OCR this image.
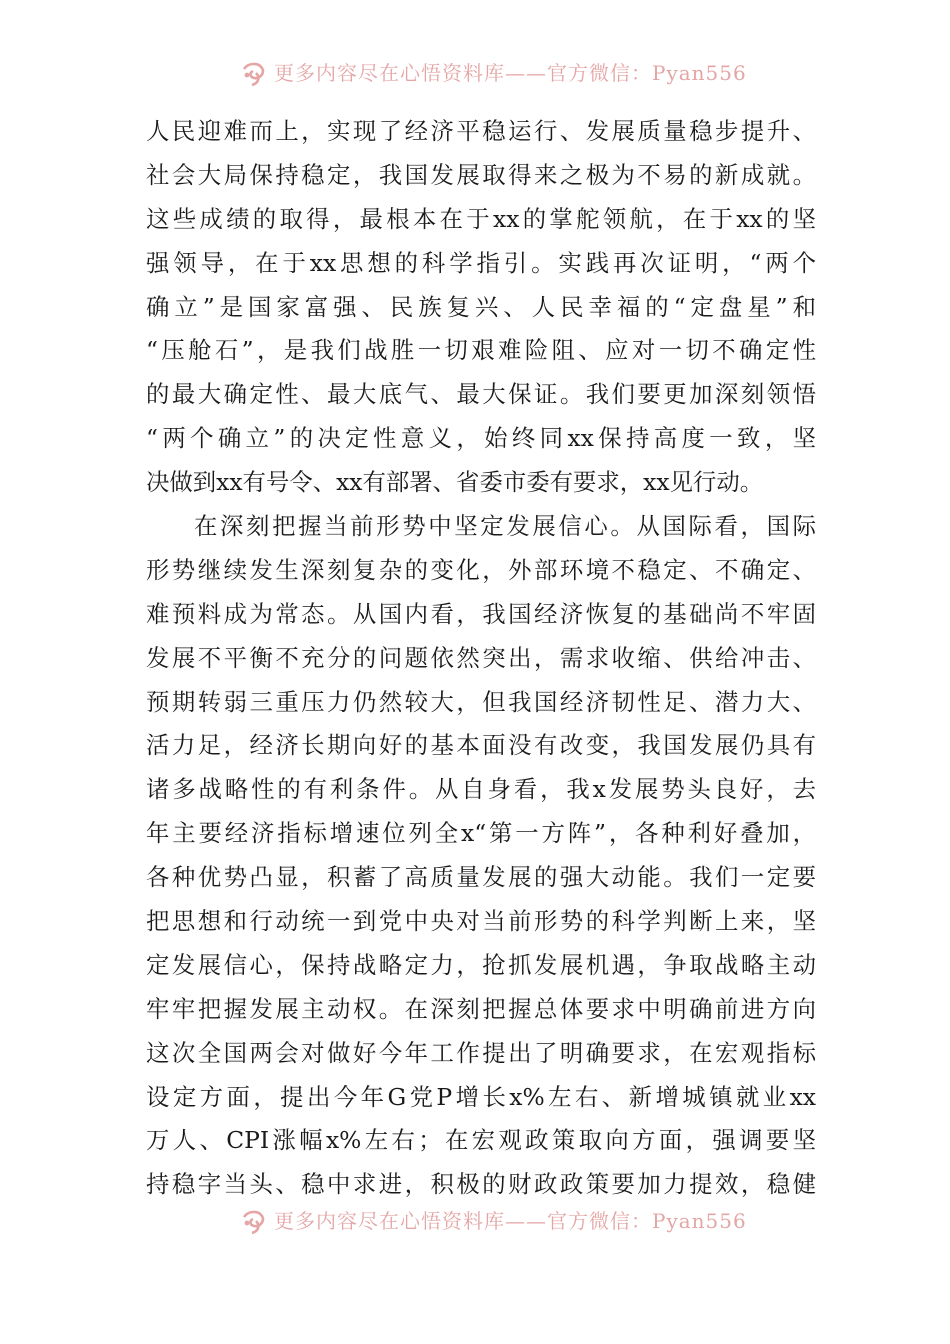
更多内容尽在心悟资料库——官方微信：Pyan556
人民迎难而上，实现了经济平稳运行、发展质量稳步提升、
社会大局保持稳定，我国发展取得来之极为不易的新成就。
这些成绩的取得，最根本在于xx的掌舵领航，在于xx的坚
强领导，在于xx思想的科学指引。实践再次证明，“两个
确立”是国家富强、民族复兴、人民幸福的“定盘星”和
“压舱石”，是我们战胜一切艰难险阻、应对一切不确定性
的最大确定性、最大底气、最大保证。我们要更加深刻领悟
“两个确立”的决定性意义，始终同xx保持高度一致，坚
决做到xx有号令、xx有部署、省委市委有要求，xx见行动。
在深刻把握当前形势中坚定发展信心。从国际看，国际
形势继续发生深刻复杂的变化，外部环境不稳定、不确定、
难预料成为常态。从国内看，我国经济恢复的基础尚不牢固
发展不平衡不充分的问题依然突出，需求收缩、供给冲击、
预期转弱三重压力仍然较大，但我国经济韧性足、潜力大、
活力足，经济长期向好的基本面没有改变，我国发展仍具有
诸多战略性的有利条件。从自身看，我x发展势头良好，去
年主要经济指标增速位列全x“第一方阵”，各种利好叠加，
各种优势凸显，积蓄了高质量发展的强大动能。我们一定要
把思想和行动统一到党中央对当前形势的科学判断上来，坚
定发展信心，保持战略定力，抢抓发展机遇，争取战略主动
牢牢把握发展主动权。在深刻把握总体要求中明确前进方向
这次全国两会对做好今年工作提出了明确要求，在宏观指标
设定方面，提出今年G党P增长x%左右、新增城镇就业xx
万人、CPI涨幅x%左右；在宏观政策取向方面，强调要坚
持稳字当头、稳中求进，积极的财政政策要加力提效，稳健
更多内容尽在心悟资料库——官方微信：Pyan556
